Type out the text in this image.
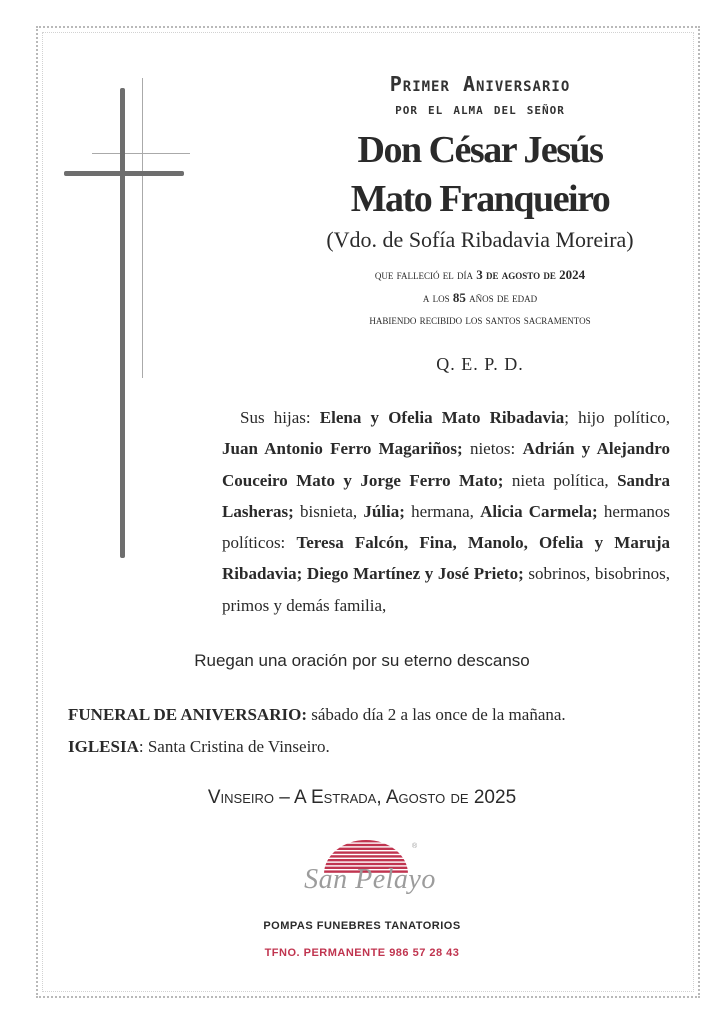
Primer Aniversario
por el alma del señor
Don César Jesús
Mato Franqueiro
(Vdo. de Sofía Ribadavia Moreira)
que falleció el día 3 de agosto de 2024
a los 85 años de edad
habiendo recibido los santos sacramentos
Q. E. P. D.
Sus hijas: Elena y Ofelia Mato Ribadavia; hijo político, Juan Antonio Ferro Magariños; nietos: Adrián y Alejandro Couceiro Mato y Jorge Ferro Mato; nieta política, Sandra Lasheras; bisnieta, Júlia; hermana, Alicia Carmela; hermanos políticos: Teresa Falcón, Fina, Manolo, Ofelia y Maruja Ribadavia; Diego Martínez y José Prieto; sobrinos, bisobrinos, primos y demás familia,
Ruegan una oración por su eterno descanso
FUNERAL DE ANIVERSARIO: sábado día 2 a las once de la mañana.
IGLESIA: Santa Cristina de Vinseiro.
Vinseiro – A Estrada, Agosto de 2025
®
San Pelayo
POMPAS FUNEBRES TANATORIOS
TFNO. PERMANENTE 986 57 28 43
